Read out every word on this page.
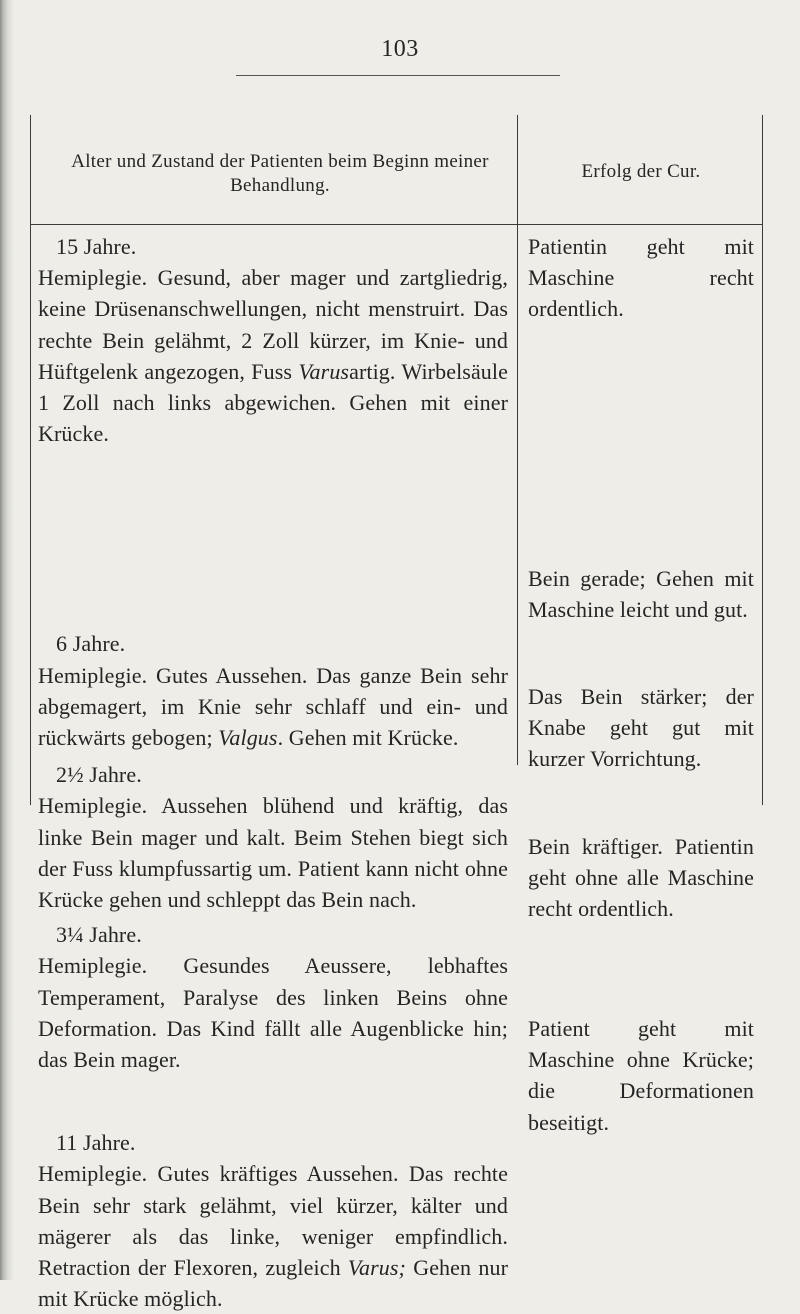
103
Alter und Zustand der Patienten beim Beginn meiner Behandlung.
Erfolg der Cur.

15 Jahre.

Hemiplegie. Gesund, aber mager und zartgliedrig, keine Drüsenanschwellungen, nicht menstruirt. Das rechte Bein gelähmt, 2 Zoll kürzer, im Knie- und Hüftgelenk angezogen, Fuss Varusartig. Wirbelsäule 1 Zoll nach links abgewichen. Gehen mit einer Krücke.

6 Jahre.

Hemiplegie. Gutes Aussehen. Das ganze Bein sehr abgemagert, im Knie sehr schlaff und ein- und rückwärts gebogen; Valgus. Gehen mit Krücke.

2½ Jahre.

Hemiplegie. Aussehen blühend und kräftig, das linke Bein mager und kalt. Beim Stehen biegt sich der Fuss klumpfussartig um. Patient kann nicht ohne Krücke gehen und schleppt das Bein nach.

3¼ Jahre.

Hemiplegie. Gesundes Aeussere, lebhaftes Temperament, Paralyse des linken Beins ohne Deformation. Das Kind fällt alle Augenblicke hin; das Bein mager.

11 Jahre.

Hemiplegie. Gutes kräftiges Aussehen. Das rechte Bein sehr stark gelähmt, viel kürzer, kälter und mägerer als das linke, weniger empfindlich. Retraction der Flexoren, zugleich Varus; Gehen nur mit Krücke möglich.

Patientin geht mit Maschine recht ordentlich.

Bein gerade; Gehen mit Maschine leicht und gut.

Das Bein stärker; der Knabe geht gut mit kurzer Vorrichtung.

Bein kräftiger. Patientin geht ohne alle Maschine recht ordentlich.

Patient geht mit Maschine ohne Krücke; die Deformationen beseitigt.
